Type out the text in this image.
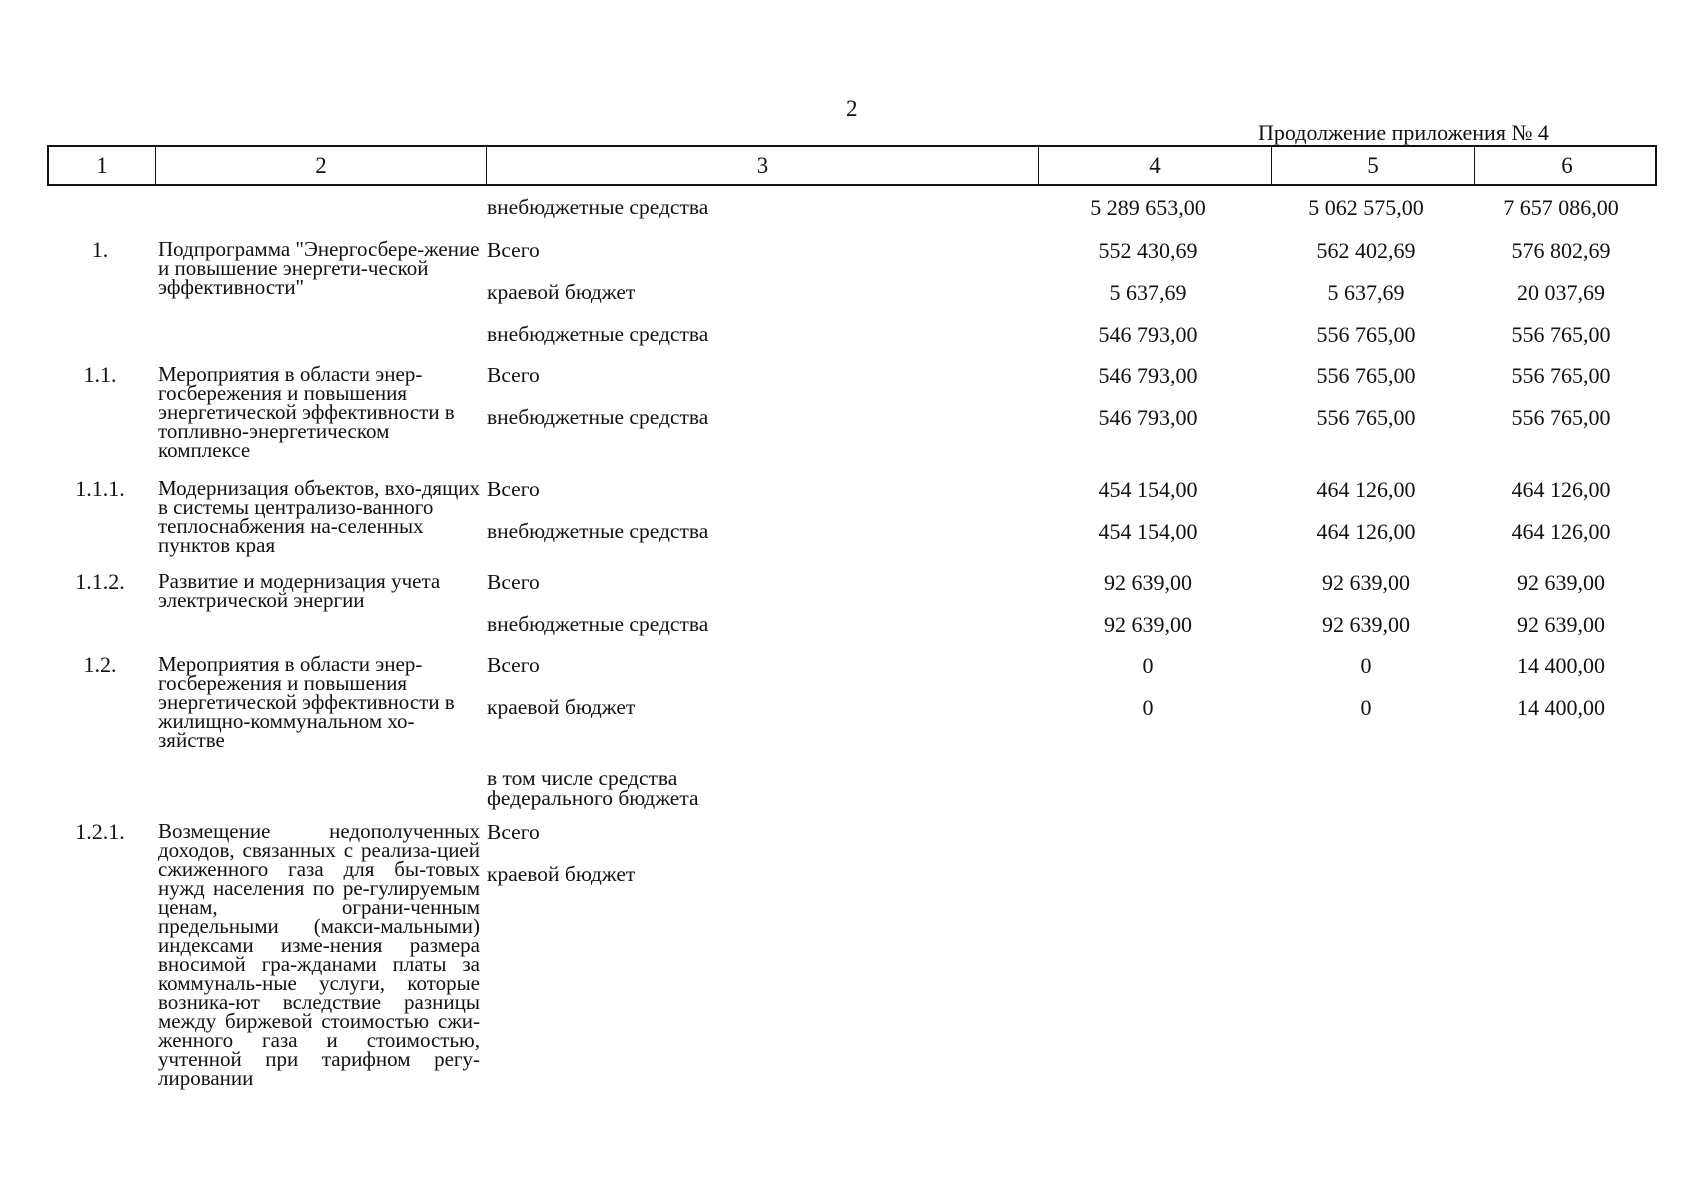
2
Продолжение приложения № 4
1	2	3	4	5	6
внебюджетные средства	5 289 653,00	5 062 575,00	7 657 086,00
1.	Подпрограмма "Энергосбере-жение и повышение энергети-ческой эффективности"
Всего	552 430,69	562 402,69	576 802,69
краевой бюджет	5 637,69	5 637,69	20 037,69
внебюджетные средства	546 793,00	556 765,00	556 765,00
1.1.	Мероприятия в области энер-госбережения и повышения энергетической эффективности в топливно-энергетическом комплексе
Всего	546 793,00	556 765,00	556 765,00
внебюджетные средства	546 793,00	556 765,00	556 765,00
1.1.1.	Модернизация объектов, вхо-дящих в системы централизо-ванного теплоснабжения на-селенных пунктов края
Всего	454 154,00	464 126,00	464 126,00
внебюджетные средства	454 154,00	464 126,00	464 126,00
1.1.2.	Развитие и модернизация учета электрической энергии
Всего	92 639,00	92 639,00	92 639,00
внебюджетные средства	92 639,00	92 639,00	92 639,00
1.2.	Мероприятия в области энер-госбережения и повышения энергетической эффективности в жилищно-коммунальном хо-зяйстве
Всего	0	0	14 400,00
краевой бюджет	0	0	14 400,00
в том числе средства федерального бюджета
1.2.1.	Возмещение недополученных доходов, связанных с реализа-цией сжиженного газа для бы-товых нужд населения по ре-гулируемым ценам, ограни-ченным предельными (макси-мальными) индексами изме-нения размера вносимой гра-жданами платы за коммуналь-ные услуги, которые возника-ют вследствие разницы между биржевой стоимостью сжи-женного газа и стоимостью, учтенной при тарифном регу-лировании
Всего
краевой бюджет
